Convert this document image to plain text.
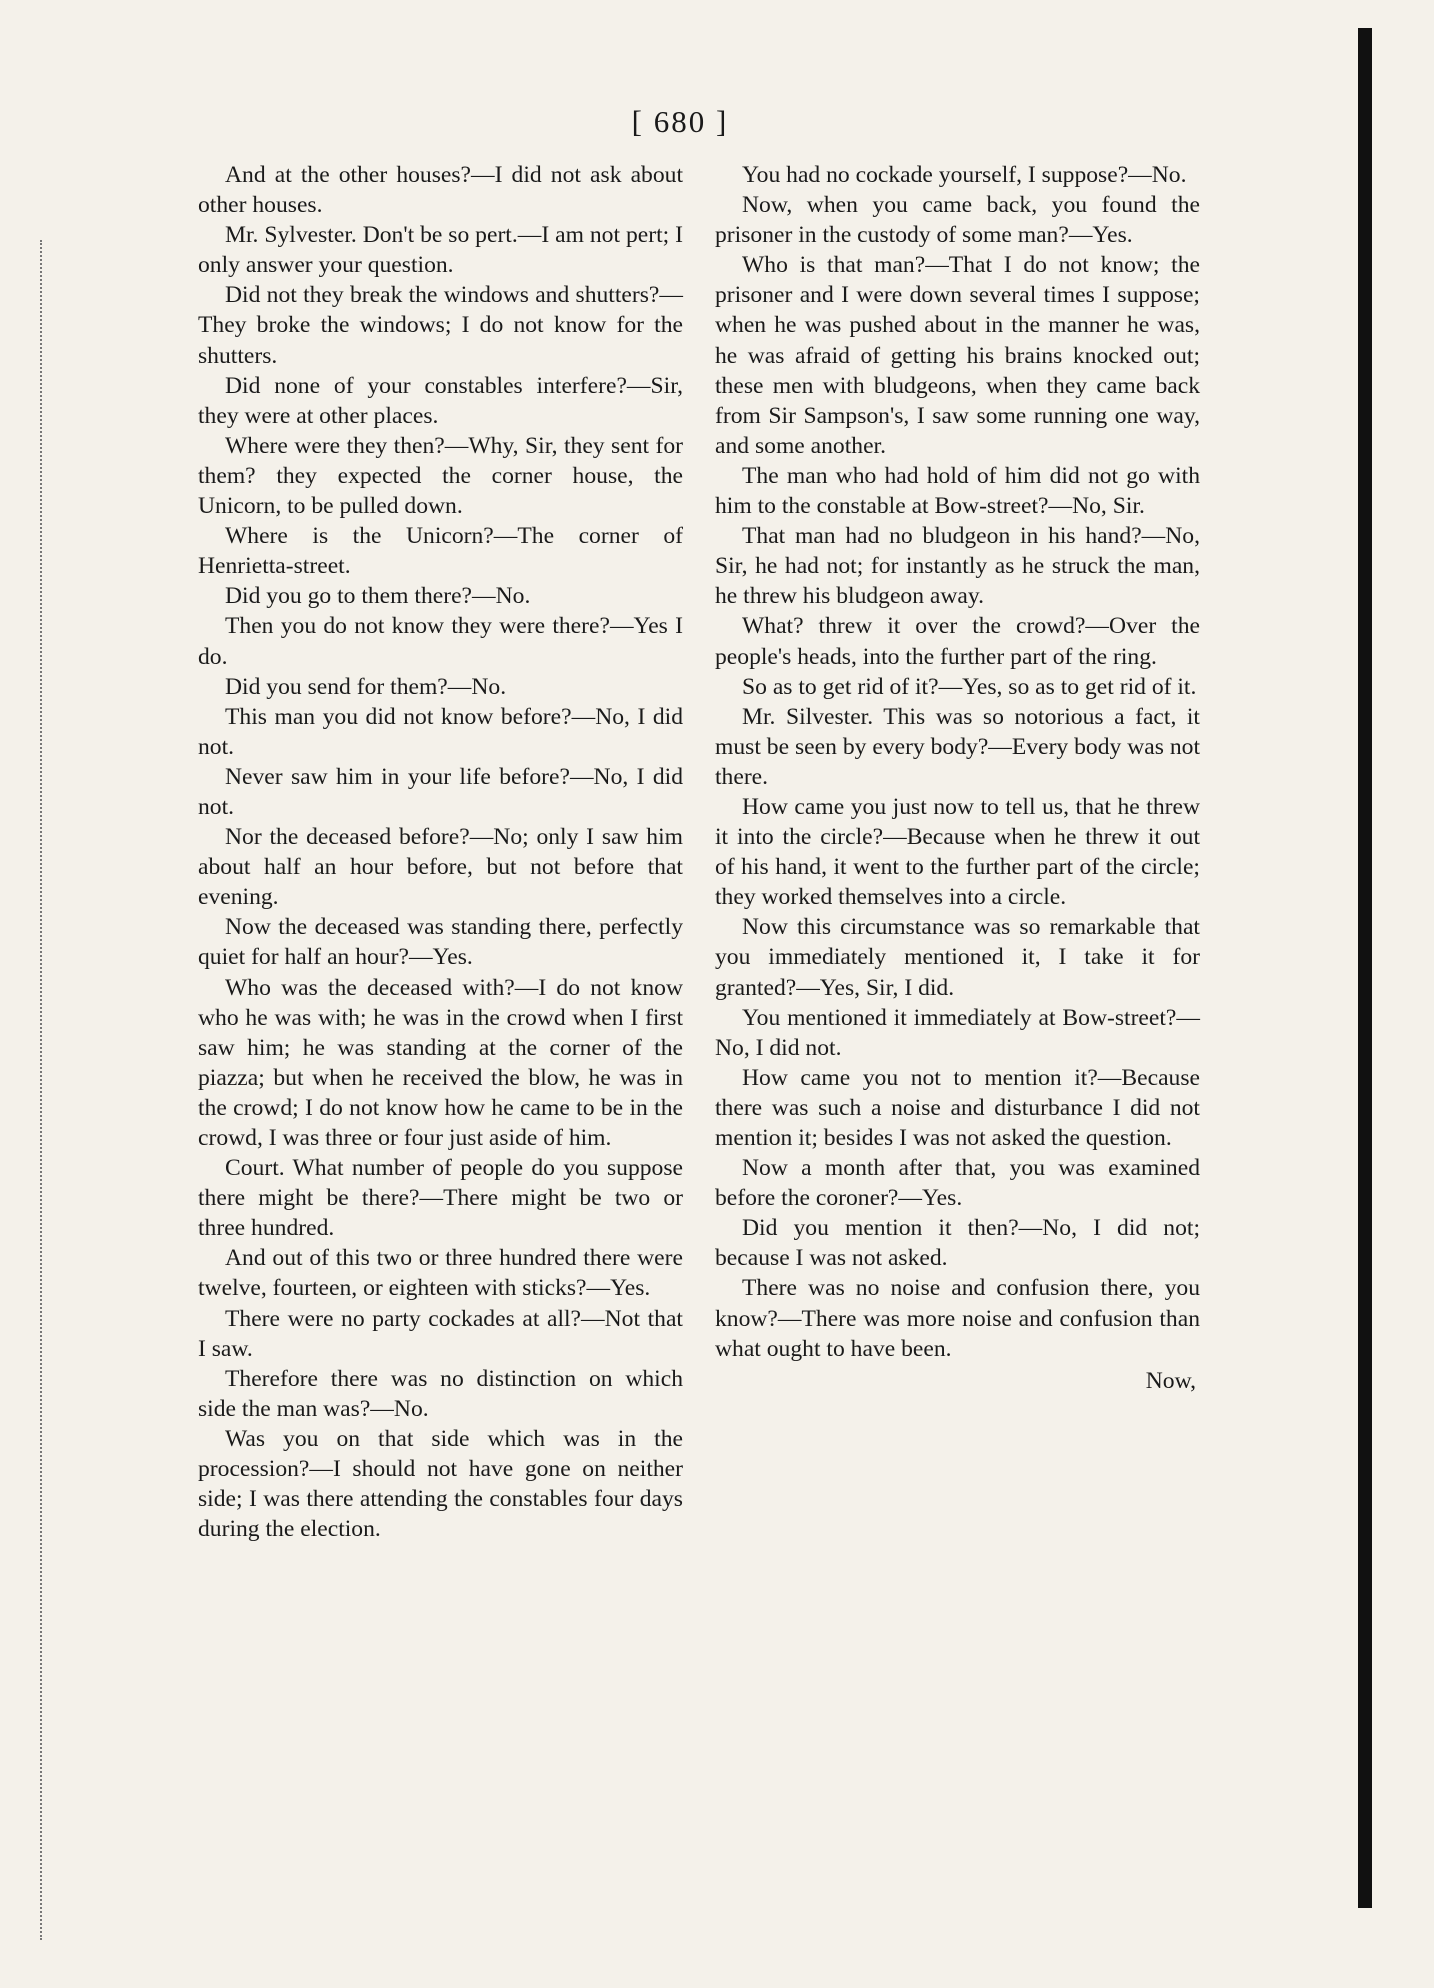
[ 680 ]

And at the other houses?—I did not ask about other houses.

Mr. Sylvester. Don't be so pert.—I am not pert; I only answer your question.

Did not they break the windows and shutters?—They broke the windows; I do not know for the shutters.

Did none of your constables interfere?—Sir, they were at other places.

Where were they then?—Why, Sir, they sent for them? they expected the corner house, the Unicorn, to be pulled down.

Where is the Unicorn?—The corner of Henrietta-street.

Did you go to them there?—No.

Then you do not know they were there?—Yes I do.

Did you send for them?—No.

This man you did not know before?—No, I did not.

Never saw him in your life before?—No, I did not.

Nor the deceased before?—No; only I saw him about half an hour before, but not before that evening.

Now the deceased was standing there, perfectly quiet for half an hour?—Yes.

Who was the deceased with?—I do not know who he was with; he was in the crowd when I first saw him; he was standing at the corner of the piazza; but when he received the blow, he was in the crowd; I do not know how he came to be in the crowd, I was three or four just aside of him.

Court. What number of people do you suppose there might be there?—There might be two or three hundred.

And out of this two or three hundred there were twelve, fourteen, or eighteen with sticks?—Yes.

There were no party cockades at all?—Not that I saw.

Therefore there was no distinction on which side the man was?—No.

Was you on that side which was in the procession?—I should not have gone on neither side; I was there attending the constables four days during the election.

You had no cockade yourself, I suppose?—No.

Now, when you came back, you found the prisoner in the custody of some man?—Yes.

Who is that man?—That I do not know; the prisoner and I were down several times I suppose; when he was pushed about in the manner he was, he was afraid of getting his brains knocked out; these men with bludgeons, when they came back from Sir Sampson's, I saw some running one way, and some another.

The man who had hold of him did not go with him to the constable at Bow-street?—No, Sir.

That man had no bludgeon in his hand?—No, Sir, he had not; for instantly as he struck the man, he threw his bludgeon away.

What? threw it over the crowd?—Over the people's heads, into the further part of the ring.

So as to get rid of it?—Yes, so as to get rid of it.

Mr. Silvester. This was so notorious a fact, it must be seen by every body?—Every body was not there.

How came you just now to tell us, that he threw it into the circle?—Because when he threw it out of his hand, it went to the further part of the circle; they worked themselves into a circle.

Now this circumstance was so remarkable that you immediately mentioned it, I take it for granted?—Yes, Sir, I did.

You mentioned it immediately at Bow-street?—No, I did not.

How came you not to mention it?—Because there was such a noise and disturbance I did not mention it; besides I was not asked the question.

Now a month after that, you was examined before the coroner?—Yes.

Did you mention it then?—No, I did not; because I was not asked.

There was no noise and confusion there, you know?—There was more noise and confusion than what ought to have been.

Now,
